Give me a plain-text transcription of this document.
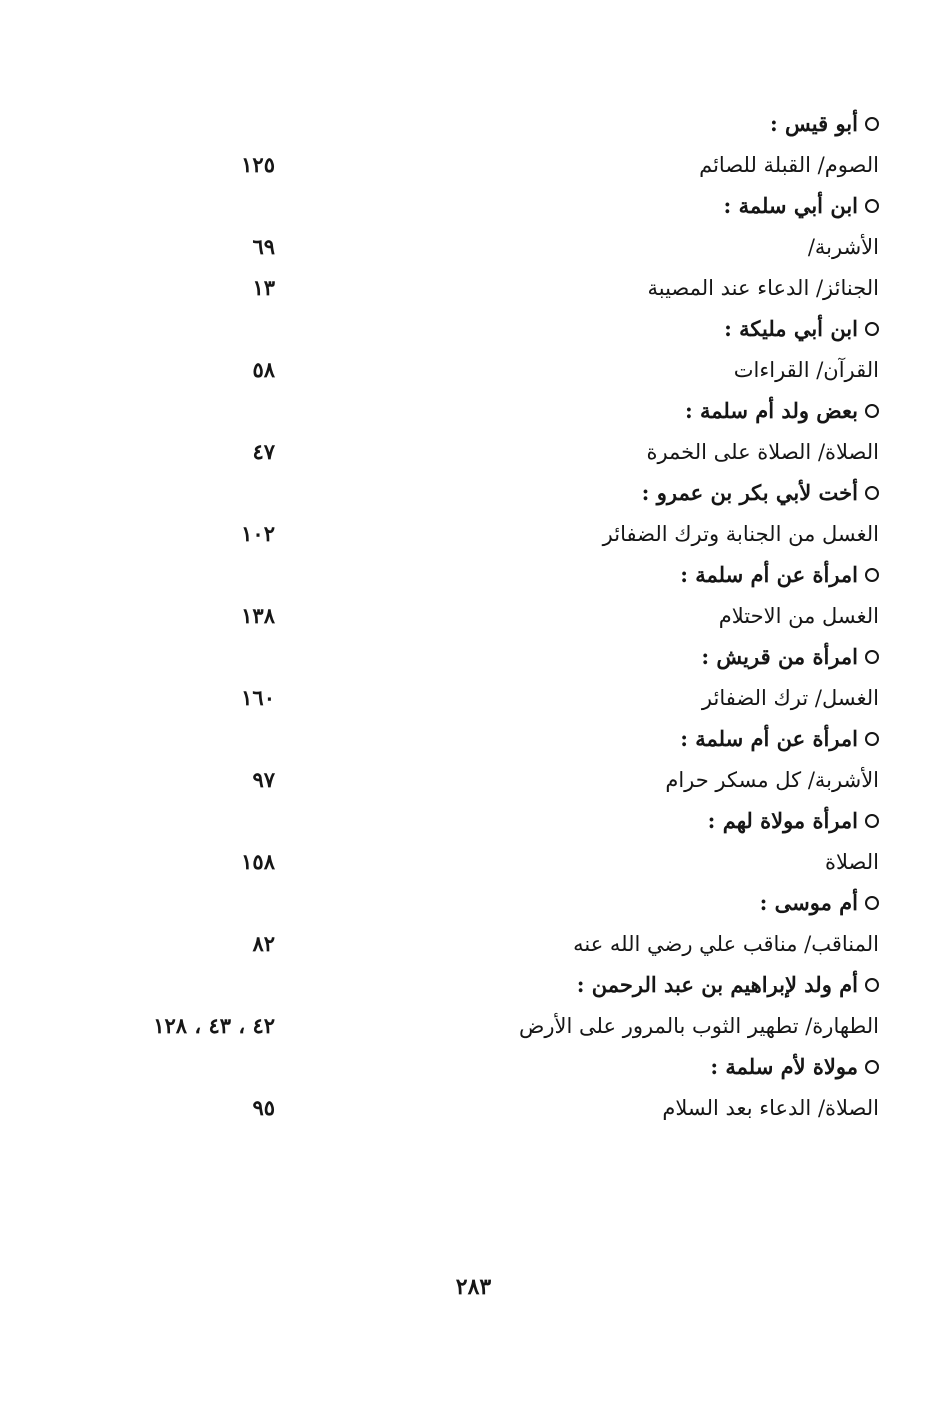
أبو قيس :
الصوم/ القبلة للصائم
١٢٥
ابن أبي سلمة :
الأشربة/
٦٩
الجنائز/ الدعاء عند المصيبة
١٣
ابن أبي مليكة :
القرآن/ القراءات
٥٨
بعض ولد أم سلمة :
الصلاة/ الصلاة على الخمرة
٤٧
أخت لأبي بكر بن عمرو :
الغسل من الجنابة وترك الضفائر
١٠٢
امرأة عن أم سلمة :
الغسل من الاحتلام
١٣٨
امرأة من قريش :
الغسل/ ترك الضفائر
١٦٠
امرأة عن أم سلمة :
الأشربة/ كل مسكر حرام
٩٧
امرأة مولاة لهم :
الصلاة
١٥٨
أم موسى :
المناقب/ مناقب علي رضي الله عنه
٨٢
أم ولد لإبراهيم بن عبد الرحمن :
الطهارة/ تطهير الثوب بالمرور على الأرض
٤٢ ، ٤٣ ، ١٢٨
مولاة لأم سلمة :
الصلاة/ الدعاء بعد السلام
٩٥
٢٨٣
